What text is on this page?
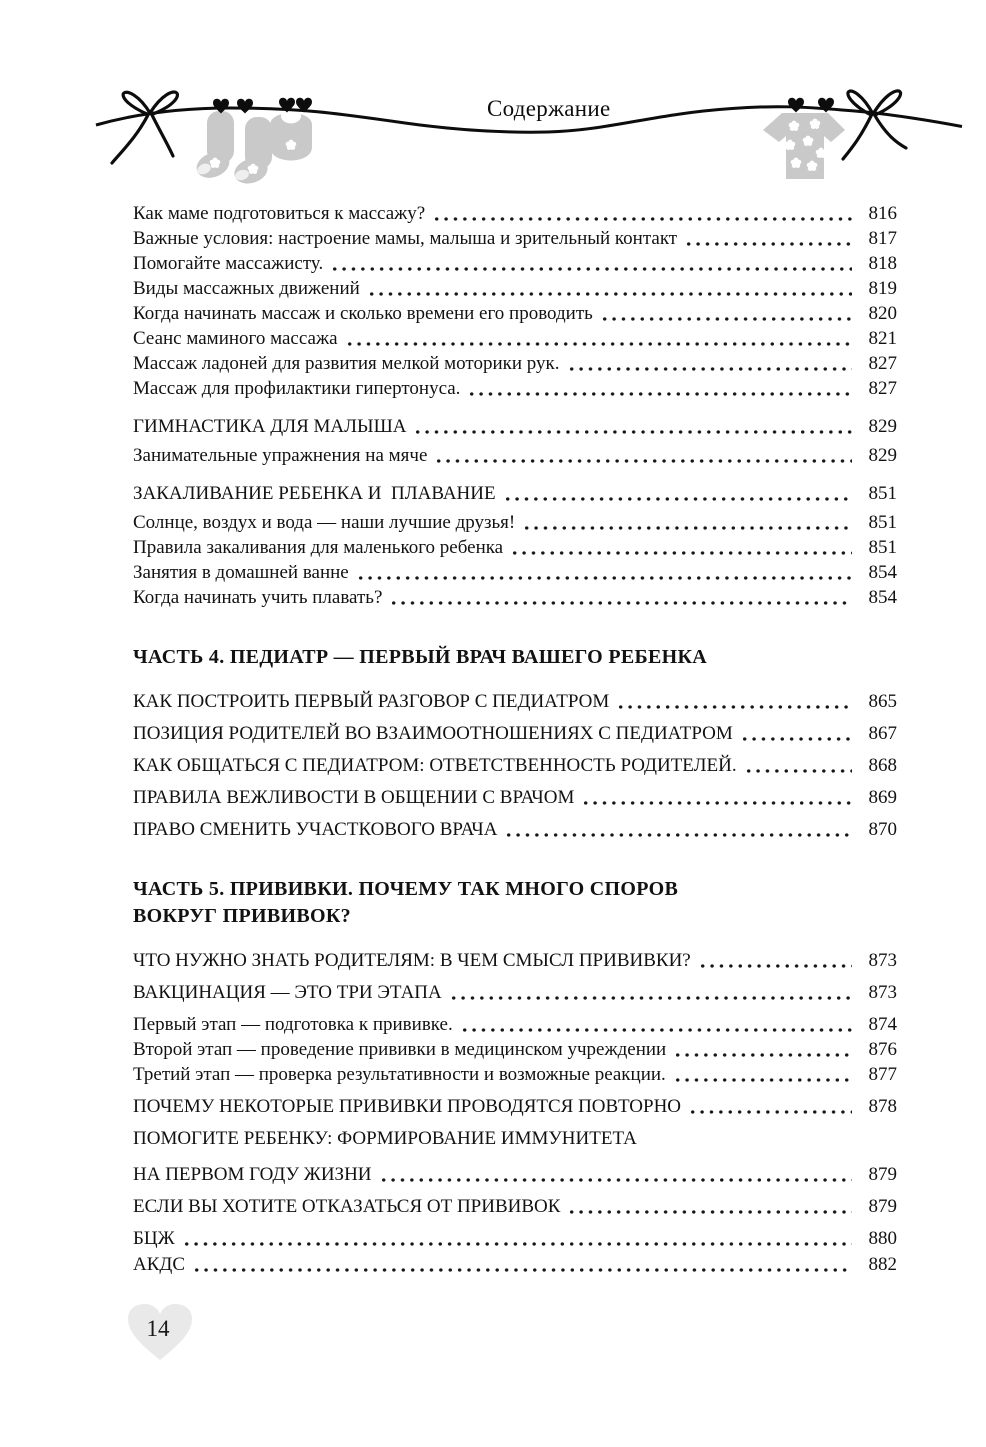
Содержание
Как маме подготовиться к массажу?	816
Важные условия: настроение мамы, малыша и зрительный контакт	817
Помогайте массажисту.	818
Виды массажных движений	819
Когда начинать массаж и сколько времени его проводить	820
Сеанс маминого массажа	821
Массаж ладоней для развития мелкой моторики рук.	827
Массаж для профилактики гипертонуса.	827
ГИМНАСТИКА ДЛЯ МАЛЫША	829
Занимательные упражнения на мяче	829
ЗАКАЛИВАНИЕ РЕБЕНКА И  ПЛАВАНИЕ	851
Солнце, воздух и вода — наши лучшие друзья!	851
Правила закаливания для маленького ребенка	851
Занятия в домашней ванне	854
Когда начинать учить плавать?	854
ЧАСТЬ 4. ПЕДИАТР — ПЕРВЫЙ ВРАЧ ВАШЕГО РЕБЕНКА
КАК ПОСТРОИТЬ ПЕРВЫЙ РАЗГОВОР С ПЕДИАТРОМ	865
ПОЗИЦИЯ РОДИТЕЛЕЙ ВО ВЗАИМООТНОШЕНИЯХ С ПЕДИАТРОМ	867
КАК ОБЩАТЬСЯ С ПЕДИАТРОМ: ОТВЕТСТВЕННОСТЬ РОДИТЕЛЕЙ.	868
ПРАВИЛА ВЕЖЛИВОСТИ В ОБЩЕНИИ С ВРАЧОМ	869
ПРАВО СМЕНИТЬ УЧАСТКОВОГО ВРАЧА	870
ЧАСТЬ 5. ПРИВИВКИ. ПОЧЕМУ ТАК МНОГО СПОРОВ
ВОКРУГ ПРИВИВОК?
ЧТО НУЖНО ЗНАТЬ РОДИТЕЛЯМ: В ЧЕМ СМЫСЛ ПРИВИВКИ?	873
ВАКЦИНАЦИЯ — ЭТО ТРИ ЭТАПА	873
Первый этап — подготовка к прививке.	874
Второй этап — проведение прививки в медицинском учреждении	876
Третий этап — проверка результативности и возможные реакции.	877
ПОЧЕМУ НЕКОТОРЫЕ ПРИВИВКИ ПРОВОДЯТСЯ ПОВТОРНО	878
ПОМОГИТЕ РЕБЕНКУ: ФОРМИРОВАНИЕ ИММУНИТЕТА
НА ПЕРВОМ ГОДУ ЖИЗНИ	879
ЕСЛИ ВЫ ХОТИТЕ ОТКАЗАТЬСЯ ОТ ПРИВИВОК	879
БЦЖ	880
АКДС	882
14
